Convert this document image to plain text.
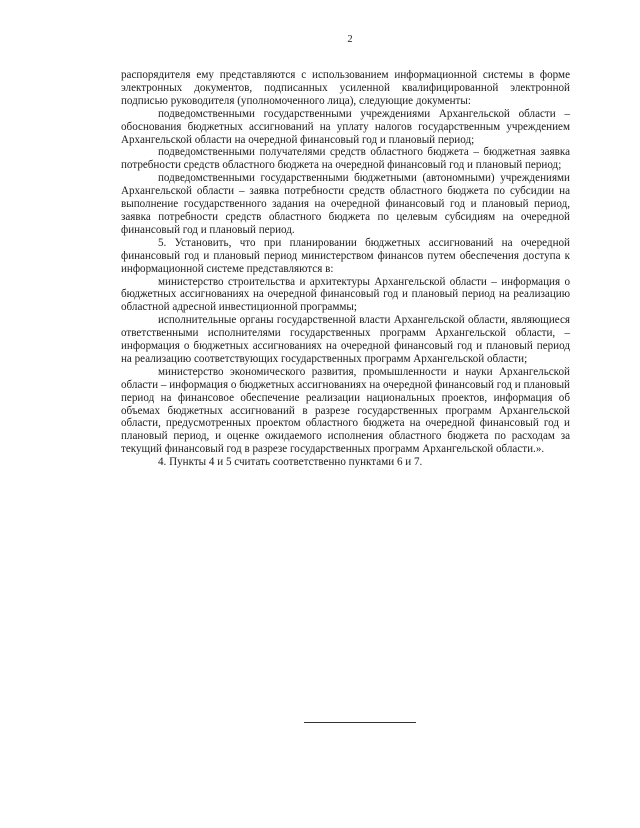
2

распорядителя ему представляются с использованием информационной системы в форме электронных документов, подписанных усиленной квалифицированной электронной подписью руководителя (уполномоченного лица), следующие документы:

подведомственными государственными учреждениями Архангельской области – обоснования бюджетных ассигнований на уплату налогов государственным учреждением Архангельской области на очередной финансовый год и плановый период;

подведомственными получателями средств областного бюджета – бюджетная заявка потребности средств областного бюджета на очередной финансовый год и плановый период;

подведомственными государственными бюджетными (автономными) учреждениями Архангельской области – заявка потребности средств областного бюджета по субсидии на выполнение государственного задания на очередной финансовый год и плановый период, заявка потребности средств областного бюджета по целевым субсидиям на очередной финансовый год и плановый период.

5. Установить, что при планировании бюджетных ассигнований на очередной финансовый год и плановый период министерством финансов путем обеспечения доступа к информационной системе представляются в:

министерство строительства и архитектуры Архангельской области – информация о бюджетных ассигнованиях на очередной финансовый год и плановый период на реализацию областной адресной инвестиционной программы;

исполнительные органы государственной власти Архангельской области, являющиеся ответственными исполнителями государственных программ Архангельской области, – информация о бюджетных ассигнованиях на очередной финансовый год и плановый период на реализацию соответствующих государственных программ Архангельской области;

министерство экономического развития, промышленности и науки Архангельской области – информация о бюджетных ассигнованиях на очередной финансовый год и плановый период на финансовое обеспечение реализации национальных проектов, информация об объемах бюджетных ассигнований в разрезе государственных программ Архангельской области, предусмотренных проектом областного бюджета на очередной финансовый год и плановый период, и оценке ожидаемого исполнения областного бюджета по расходам за текущий финансовый год в разрезе государственных программ Архангельской области.».

4. Пункты 4 и 5 считать соответственно пунктами 6 и 7.
